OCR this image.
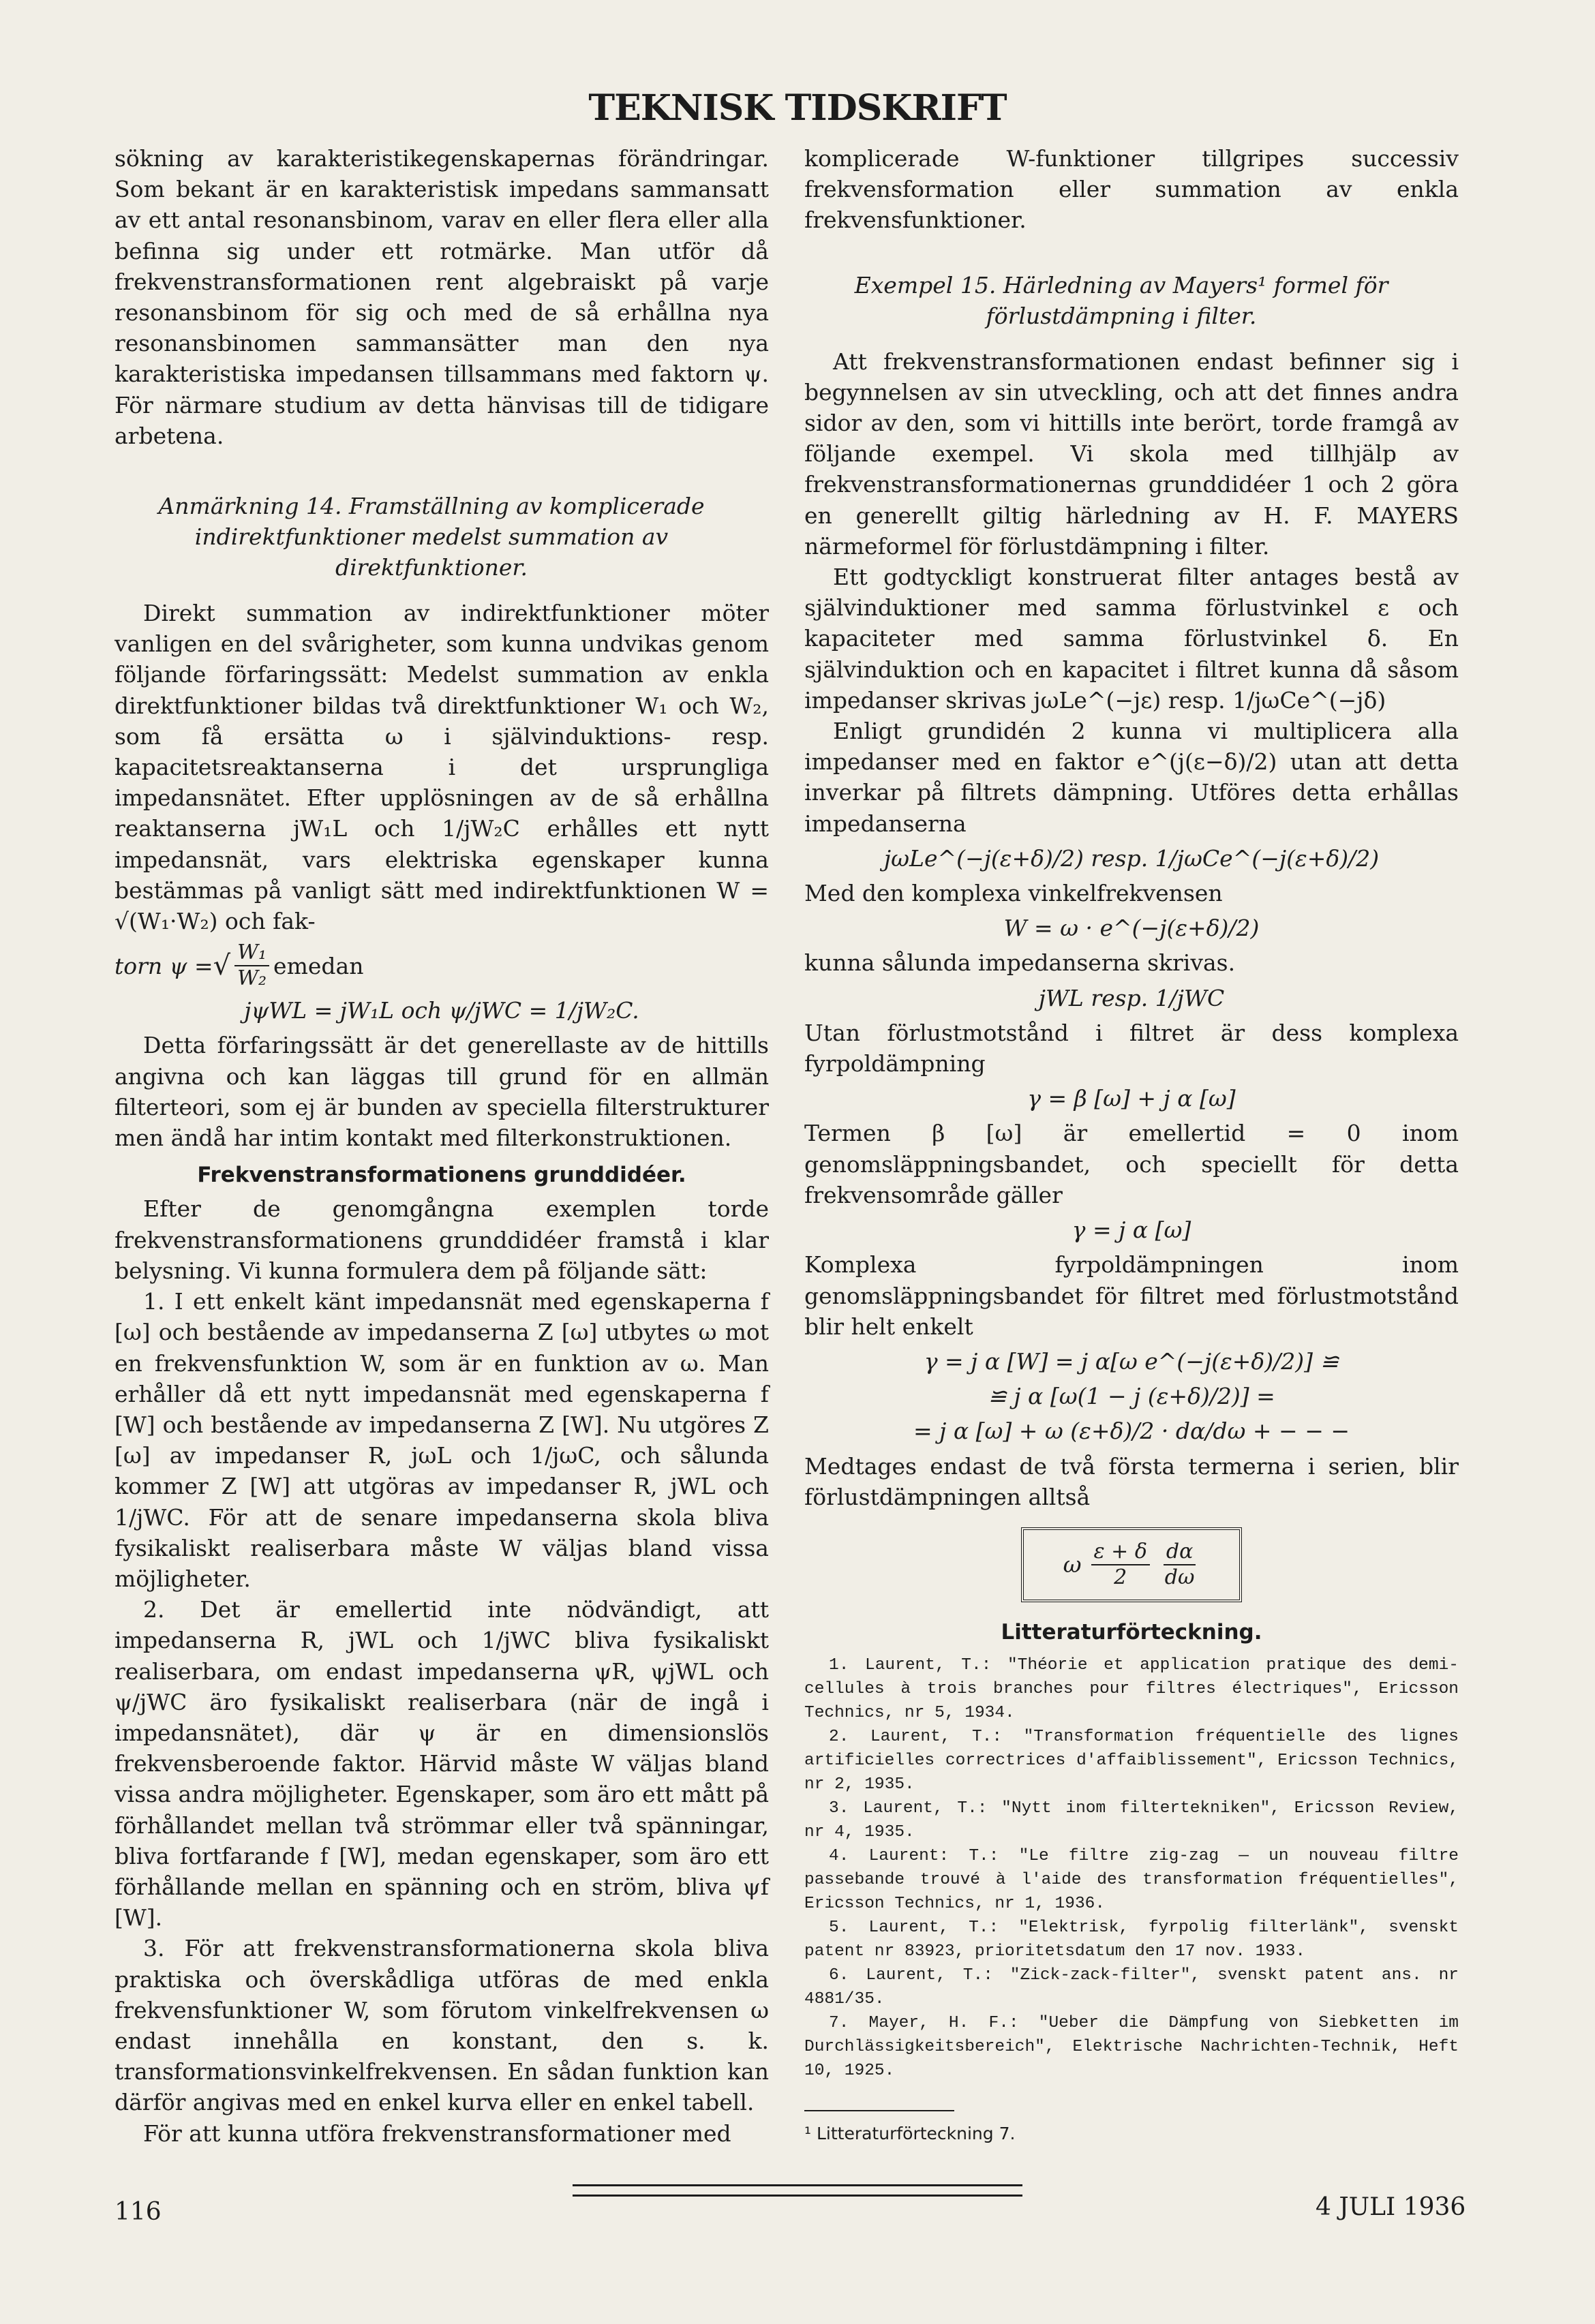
TEKNISK TIDSKRIFT

sökning av karakteristikegenskapernas förändringar. Som bekant är en karakteristisk impedans sammansatt av ett antal resonansbinom, varav en eller flera eller alla befinna sig under ett rotmärke. Man utför då frekvenstransformationen rent algebraiskt på varje resonansbinom för sig och med de så erhållna nya resonansbinomen sammansätter man den nya karakteristiska impedansen tillsammans med faktorn ψ. För närmare studium av detta hänvisas till de tidigare arbetena.

Anmärkning 14. Framställning av komplicerade indirektfunktioner medelst summation av direktfunktioner.

Direkt summation av indirektfunktioner möter vanligen en del svårigheter, som kunna undvikas genom följande förfaringssätt: Medelst summation av enkla direktfunktioner bildas två direktfunktioner W₁ och W₂, som få ersätta ω i självinduktions- resp. kapacitetsreaktanserna i det ursprungliga impedansnätet. Efter upplösningen av de så erhållna reaktanserna jW₁L och 1/jW₂C erhålles ett nytt impedansnät, vars elektriska egenskaper kunna bestämmas på vanligt sätt med indirektfunktionen W = √(W₁·W₂) och fak-

torn ψ = √ $\frac{\text{W₁}}{\text{W₂}}$ emedan
jψWL = jW₁L och ψ/jWC = 1/jW₂C.

Detta förfaringssätt är det generellaste av de hittills angivna och kan läggas till grund för en allmän filterteori, som ej är bunden av speciella filterstrukturer men ändå har intim kontakt med filterkonstruktionen.

Frekvenstransformationens grunddidéer.

Efter de genomgångna exemplen torde frekvenstransformationens grunddidéer framstå i klar belysning. Vi kunna formulera dem på följande sätt:

1. I ett enkelt känt impedansnät med egenskaperna f [ω] och bestående av impedanserna Z [ω] utbytes ω mot en frekvensfunktion W, som är en funktion av ω. Man erhåller då ett nytt impedansnät med egenskaperna f [W] och bestående av impedanserna Z [W]. Nu utgöres Z [ω] av impedanser R, jωL och 1/jωC, och sålunda kommer Z [W] att utgöras av impedanser R, jWL och 1/jWC. För att de senare impedanserna skola bliva fysikaliskt realiserbara måste W väljas bland vissa möjligheter.

2. Det är emellertid inte nödvändigt, att impedanserna R, jWL och 1/jWC bliva fysikaliskt realiserbara, om endast impedanserna ψR, ψjWL och ψ/jWC äro fysikaliskt realiserbara (när de ingå i impedansnätet), där ψ är en dimensionslös frekvensberoende faktor. Härvid måste W väljas bland vissa andra möjligheter. Egenskaper, som äro ett mått på förhållandet mellan två strömmar eller två spänningar, bliva fortfarande f [W], medan egenskaper, som äro ett förhållande mellan en spänning och en ström, bliva ψf [W].

3. För att frekvenstransformationerna skola bliva praktiska och överskådliga utföras de med enkla frekvensfunktioner W, som förutom vinkelfrekvensen ω endast innehålla en konstant, den s. k. transformationsvinkelfrekvensen. En sådan funktion kan därför angivas med en enkel kurva eller en enkel tabell.

För att kunna utföra frekvenstransformationer med

komplicerade W-funktioner tillgripes successiv frekvensformation eller summation av enkla frekvensfunktioner.

Exempel 15. Härledning av Mayers¹ formel för förlustdämpning i filter.

Att frekvenstransformationen endast befinner sig i begynnelsen av sin utveckling, och att det finnes andra sidor av den, som vi hittills inte berört, torde framgå av följande exempel. Vi skola med tillhjälp av frekvenstransformationernas grunddidéer 1 och 2 göra en generellt giltig härledning av H. F. MAYERS närmeformel för förlustdämpning i filter.

Ett godtyckligt konstruerat filter antages bestå av självinduktioner med samma förlustvinkel ε och kapaciteter med samma förlustvinkel δ. En självinduktion och en kapacitet i filtret kunna då såsom impedanser skrivas jωLe^(−jε) resp. 1/jωCe^(−jδ)

Enligt grundidén 2 kunna vi multiplicera alla impedanser med en faktor e^(j(ε−δ)/2) utan att detta inverkar på filtrets dämpning. Utföres detta erhållas impedanserna

jωLe^(−j(ε+δ)/2) resp. 1/jωCe^(−j(ε+δ)/2)

Med den komplexa vinkelfrekvensen

W = ω · e^(−j(ε+δ)/2)

kunna sålunda impedanserna skrivas.

jWL resp. 1/jWC

Utan förlustmotstånd i filtret är dess komplexa fyrpoldämpning

γ = β [ω] + j α [ω]

Termen β [ω] är emellertid = 0 inom genomsläppningsbandet, och speciellt för detta frekvensområde gäller

γ = j α [ω]

Komplexa fyrpoldämpningen inom genomsläppningsbandet för filtret med förlustmotstånd blir helt enkelt

γ = j α [W] = j α[ω e^(−j(ε+δ)/2)] ≌
≌ j α [ω(1 − j (ε+δ)/2)] =
= j α [ω] + ω (ε+δ)/2 · dα/dω + − − −

Medtages endast de två första termerna i serien, blir förlustdämpningen alltså

ω $\frac{\varepsilon + \delta}{2} \frac{d\alpha}{d\omega}$
Litteraturförteckning.

1. Laurent, T.: "Théorie et application pratique des demi-cellules à trois branches pour filtres électriques", Ericsson Technics, nr 5, 1934.

2. Laurent, T.: "Transformation fréquentielle des lignes artificielles correctrices d'affaiblissement", Ericsson Technics, nr 2, 1935.

3. Laurent, T.: "Nytt inom filtertekniken", Ericsson Review, nr 4, 1935.

4. Laurent: T.: "Le filtre zig-zag — un nouveau filtre passebande trouvé à l'aide des transformation fréquentielles", Ericsson Technics, nr 1, 1936.

5. Laurent, T.: "Elektrisk, fyrpolig filterlänk", svenskt patent nr 83923, prioritetsdatum den 17 nov. 1933.

6. Laurent, T.: "Zick-zack-filter", svenskt patent ans. nr 4881/35.

7. Mayer, H. F.: "Ueber die Dämpfung von Siebketten im Durchlässigkeitsbereich", Elektrische Nachrichten-Technik, Heft 10, 1925.

¹ Litteraturförteckning 7.
116	4 JULI 1936
